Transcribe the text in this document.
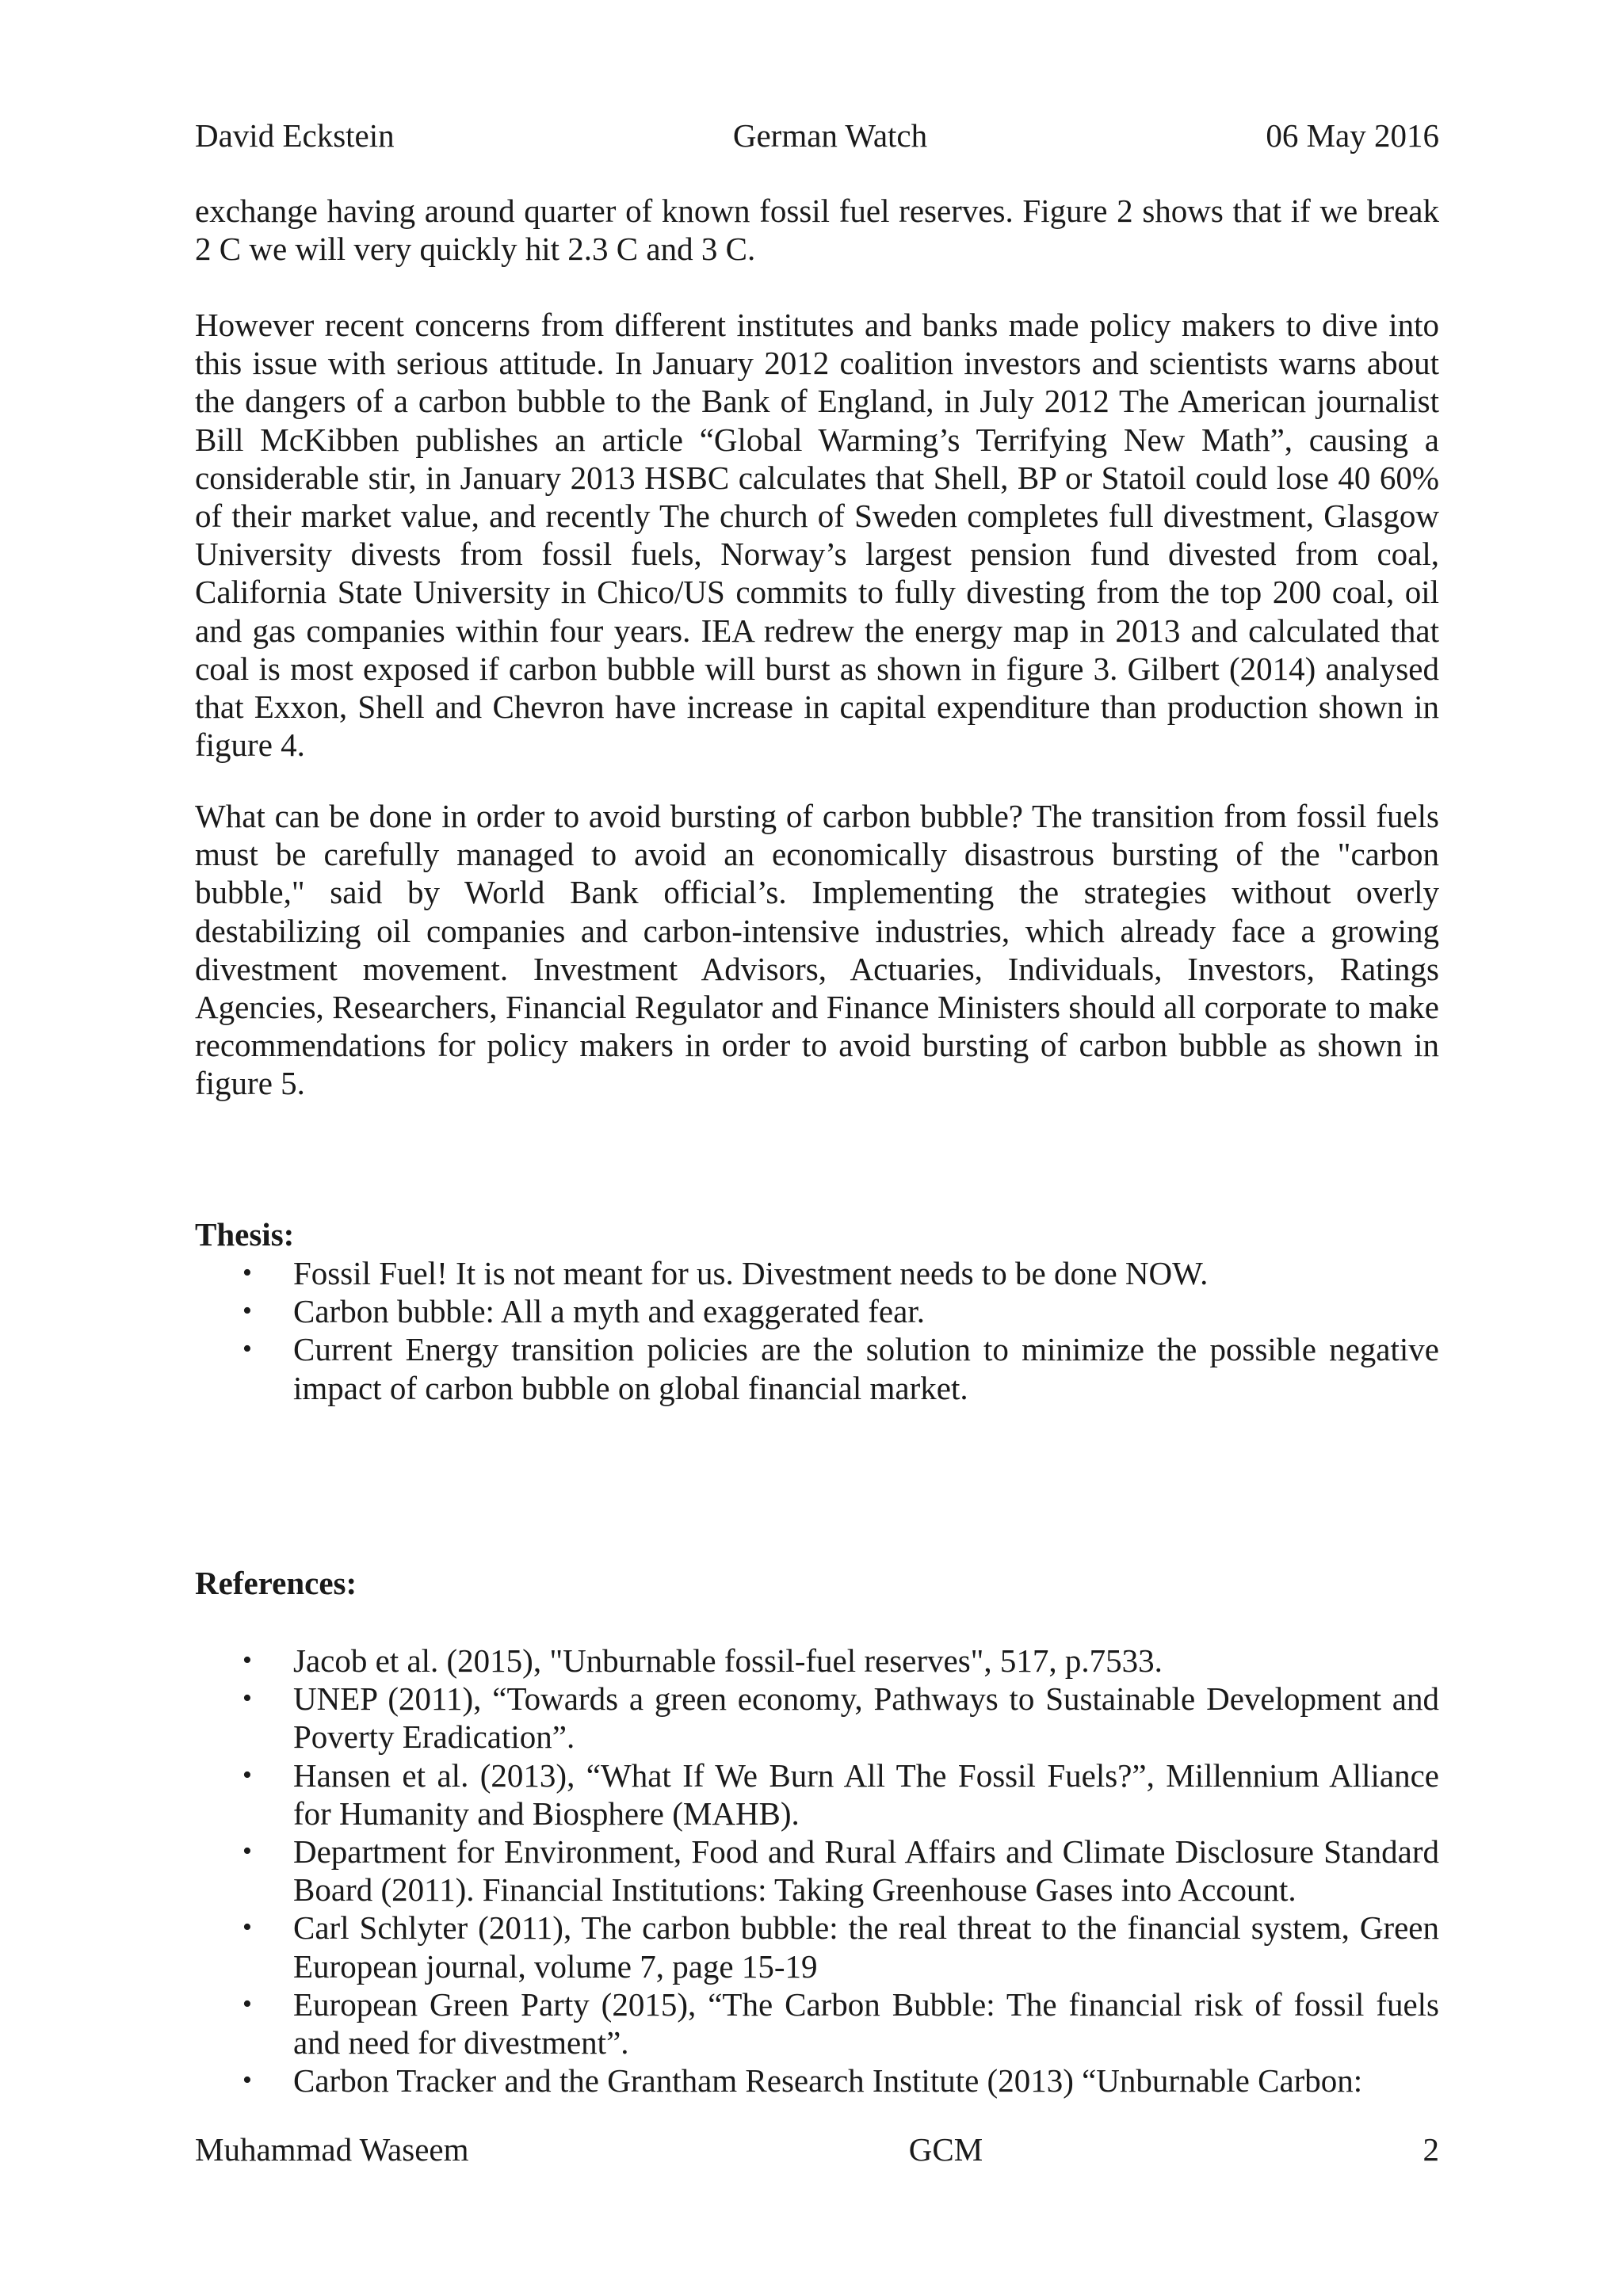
David Eckstein	German Watch	06 May 2016

exchange having around quarter of known fossil fuel reserves. Figure 2 shows that if we break 2 C we will very quickly hit 2.3 C and 3 C.

However recent concerns from different institutes and banks made policy makers to dive into this issue with serious attitude. In January 2012 coalition investors and scientists warns about the dangers of a carbon bubble to the Bank of England, in July 2012 The American journalist Bill McKibben publishes an article “Global Warming’s Terrifying New Math”, causing a considerable stir, in January 2013 HSBC calculates that Shell, BP or Statoil could lose 40 60% of their market value, and recently The church of Sweden completes full divestment, Glasgow University divests from fossil fuels, Norway’s largest pension fund divested from coal, California State University in Chico/US commits to fully divesting from the top 200 coal, oil and gas companies within four years. IEA redrew the energy map in 2013 and calculated that coal is most exposed if carbon bubble will burst as shown in figure 3. Gilbert (2014) analysed that Exxon, Shell and Chevron have increase in capital expenditure than production shown in figure 4.

What can be done in order to avoid bursting of carbon bubble? The transition from fossil fuels must be carefully managed to avoid an economically disastrous bursting of the "carbon bubble," said by World Bank official’s. Implementing the strategies without overly destabilizing oil companies and carbon-intensive industries, which already face a growing divestment movement. Investment Advisors, Actuaries, Individuals, Investors, Ratings Agencies, Researchers, Financial Regulator and Finance Ministers should all corporate to make recommendations for policy makers in order to avoid bursting of carbon bubble as shown in figure 5.

Thesis:
• Fossil Fuel! It is not meant for us. Divestment needs to be done NOW.
• Carbon bubble: All a myth and exaggerated fear.
• Current Energy transition policies are the solution to minimize the possible negative impact of carbon bubble on global financial market.
References:
• Jacob et al. (2015), "Unburnable fossil-fuel reserves", 517, p.7533.
• UNEP (2011), “Towards a green economy, Pathways to Sustainable Development and Poverty Eradication”.
• Hansen et al. (2013), “What If We Burn All The Fossil Fuels?”, Millennium Alliance for Humanity and Biosphere (MAHB).
• Department for Environment, Food and Rural Affairs and Climate Disclosure Standard Board (2011). Financial Institutions: Taking Greenhouse Gases into Account.
• Carl Schlyter (2011), The carbon bubble: the real threat to the financial system, Green European journal, volume 7, page 15-19
• European Green Party (2015), “The Carbon Bubble: The financial risk of fossil fuels and need for divestment”.
• Carbon Tracker and the Grantham Research Institute (2013) “Unburnable Carbon:
Muhammad Waseem	GCM	2
